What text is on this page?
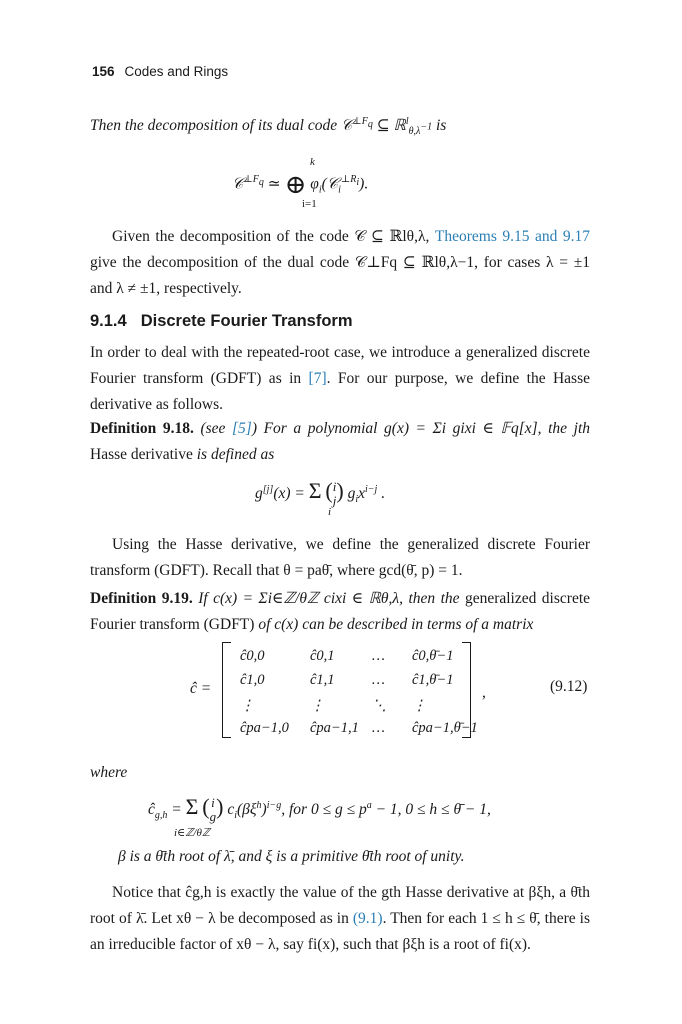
156 Codes and Rings
Then the decomposition of its dual code 𝒞$^{\perp F_q}$ ⊆ ℝ$^l_{\theta,\lambda^{-1}}$ is
k
𝒞$^{\perp F_q}$ ≃ ⊕ $\varphi_i(𝒞_i^{\perp R_i})$.
i=1
Given the decomposition of the code 𝒞 ⊆ ℝlθ,λ, Theorems 9.15 and 9.17 give the decomposition of the dual code 𝒞⊥Fq ⊆ ℝlθ,λ−1, for cases λ = ±1 and λ ≠ ±1, respectively.
9.1.4 Discrete Fourier Transform
In order to deal with the repeated-root case, we introduce a generalized discrete Fourier transform (GDFT) as in [7]. For our purpose, we define the Hasse derivative as follows.
Definition 9.18. (see [5]) For a polynomial g(x) = Σi gixi ∈ 𝔽q[x], the jth Hasse derivative is defined as
g[j](x) = Σ (i
j) $g_ix^{i-j}$ .
i
Using the Hasse derivative, we define the generalized discrete Fourier transform (GDFT). Recall that θ = paθ̄, where gcd(θ̄, p) = 1.
Definition 9.19. If c(x) = Σi∈ℤ/θℤ cixi ∈ ℝθ,λ, then the generalized discrete Fourier transform (GDFT) of c(x) can be described in terms of a matrix
ĉ =
ĉ0,0	ĉ0,1	… ĉ0,θ̄−1
ĉ1,0	ĉ1,1	… ĉ1,θ̄−1
⋮	⋮	⋱ ⋮
ĉpa−1,0 ĉpa−1,1 … ĉpa−1,θ̄−1
,	(9.12)
where
$ĉ_{g,h} = \Sigma$ (i
g) $c_i(\beta\xi^h)^{i-g}$, for $0 \le g \le p^a - 1$, 0 ≤ h ≤ θ̄ − 1,
i∈ℤ/θℤ
β is a θ̄th root of λ̄, and ξ is a primitive θ̄th root of unity.
Notice that ĉg,h is exactly the value of the gth Hasse derivative at βξh, a θ̄th root of λ̄. Let xθ − λ be decomposed as in (9.1). Then for each 1 ≤ h ≤ θ̄, there is an irreducible factor of xθ − λ, say fi(x), such that βξh is a root of fi(x).
